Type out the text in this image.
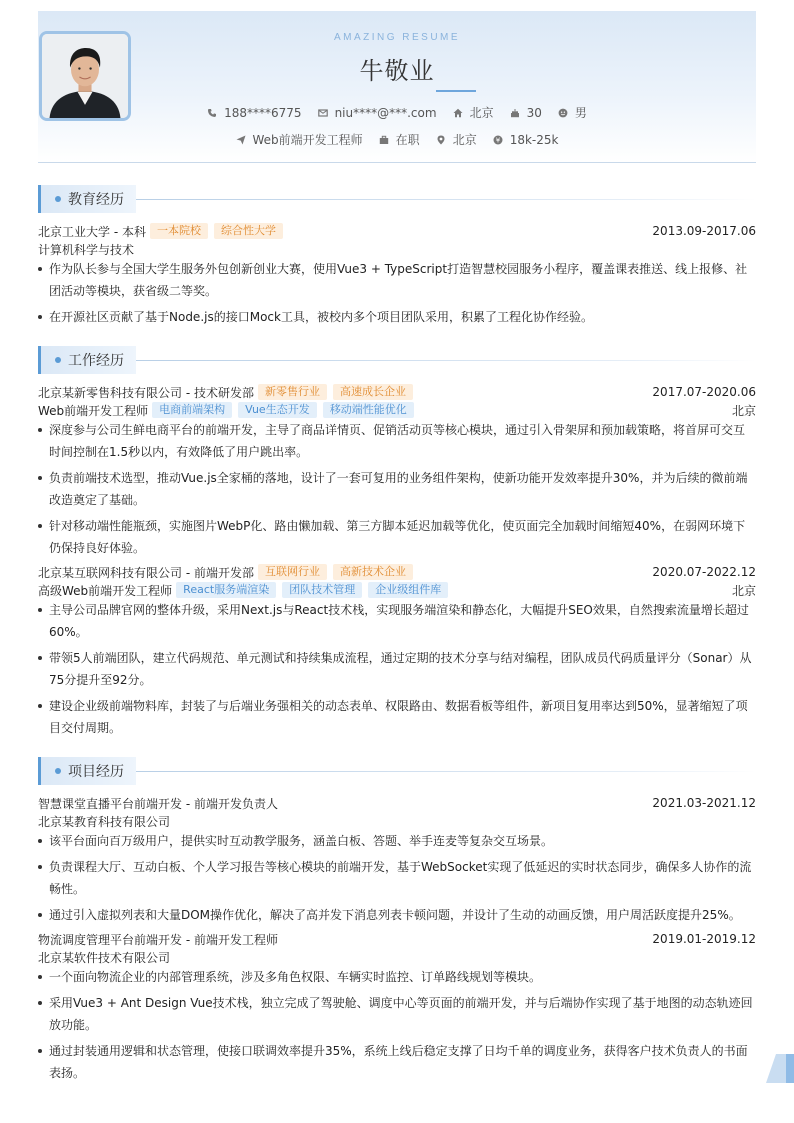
AMAZING RESUME
牛敬业
188****6775	niu****@***.com	北京	30	男
Web前端开发工程师	在职	北京	¥ 18k-25k
教育经历
北京工业大学 - 本科	一本院校	综合性大学	2013.09-2017.06
计算机科学与技术
作为队长参与全国大学生服务外包创新创业大赛，使用Vue3 + TypeScript打造智慧校园服务小程序，覆盖课表推送、线上报修、社团活动等模块，获省级二等奖。
在开源社区贡献了基于Node.js的接口Mock工具，被校内多个项目团队采用，积累了工程化协作经验。
工作经历
北京某新零售科技有限公司 - 技术研发部	新零售行业	高速成长企业	2017.07-2020.06
Web前端开发工程师	电商前端架构	Vue生态开发	移动端性能优化	北京
深度参与公司生鲜电商平台的前端开发，主导了商品详情页、促销活动页等核心模块，通过引入骨架屏和预加载策略，将首屏可交互时间控制在1.5秒以内，有效降低了用户跳出率。
负责前端技术选型，推动Vue.js全家桶的落地，设计了一套可复用的业务组件架构，使新功能开发效率提升30%，并为后续的微前端改造奠定了基础。
针对移动端性能瓶颈，实施图片WebP化、路由懒加载、第三方脚本延迟加载等优化，使页面完全加载时间缩短40%，在弱网环境下仍保持良好体验。
北京某互联网科技有限公司 - 前端开发部	互联网行业	高新技术企业	2020.07-2022.12
高级Web前端开发工程师	React服务端渲染	团队技术管理	企业级组件库	北京
主导公司品牌官网的整体升级，采用Next.js与React技术栈，实现服务端渲染和静态化，大幅提升SEO效果，自然搜索流量增长超过60%。
带领5人前端团队，建立代码规范、单元测试和持续集成流程，通过定期的技术分享与结对编程，团队成员代码质量评分（Sonar）从75分提升至92分。
建设企业级前端物料库，封装了与后端业务强相关的动态表单、权限路由、数据看板等组件，新项目复用率达到50%，显著缩短了项目交付周期。
项目经历
智慧课堂直播平台前端开发 - 前端开发负责人	2021.03-2021.12
北京某教育科技有限公司
该平台面向百万级用户，提供实时互动教学服务，涵盖白板、答题、举手连麦等复杂交互场景。
负责课程大厅、互动白板、个人学习报告等核心模块的前端开发，基于WebSocket实现了低延迟的实时状态同步，确保多人协作的流畅性。
通过引入虚拟列表和大量DOM操作优化，解决了高并发下消息列表卡顿问题，并设计了生动的动画反馈，用户周活跃度提升25%。
物流调度管理平台前端开发 - 前端开发工程师	2019.01-2019.12
北京某软件技术有限公司
一个面向物流企业的内部管理系统，涉及多角色权限、车辆实时监控、订单路线规划等模块。
采用Vue3 + Ant Design Vue技术栈，独立完成了驾驶舱、调度中心等页面的前端开发，并与后端协作实现了基于地图的动态轨迹回放功能。
通过封装通用逻辑和状态管理，使接口联调效率提升35%，系统上线后稳定支撑了日均千单的调度业务，获得客户技术负责人的书面表扬。
